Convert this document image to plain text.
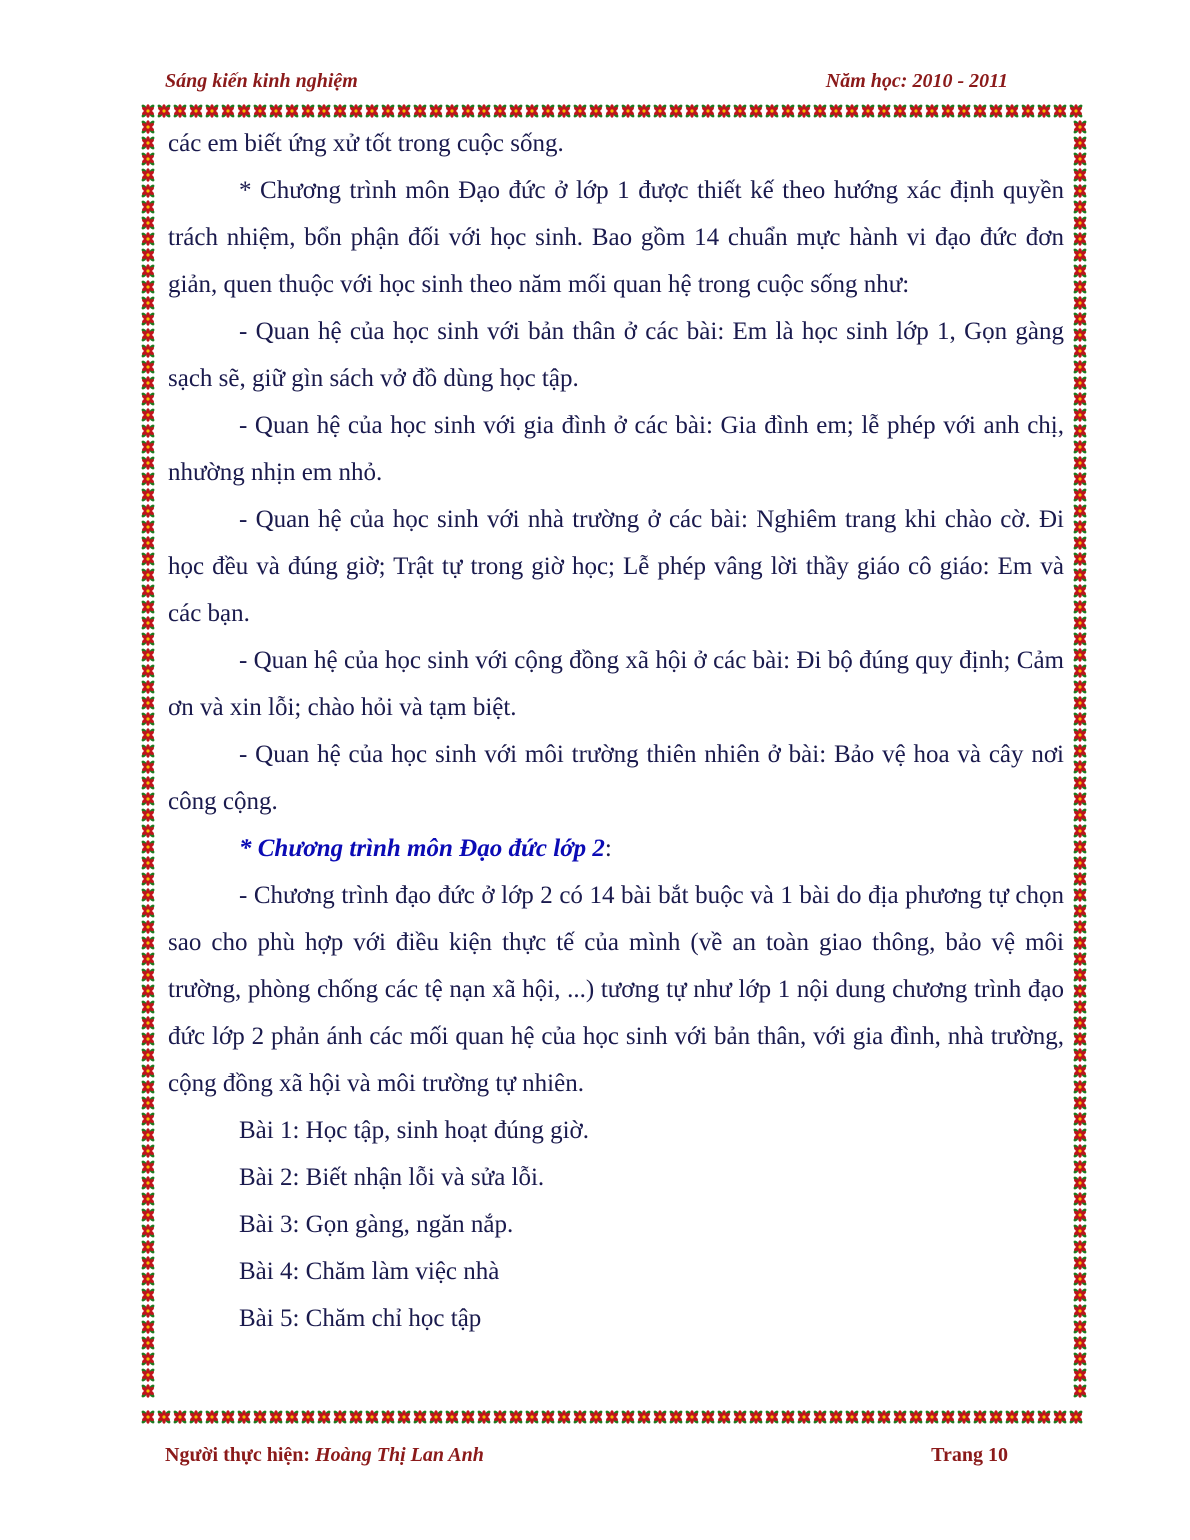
Sáng kiến kinh nghiệm	Năm học: 2010 - 2011

các em biết ứng xử tốt trong cuộc sống.

* Chương trình môn Đạo đức ở lớp 1 được thiết kế theo hướng xác định quyền trách nhiệm, bổn phận đối với học sinh. Bao gồm 14 chuẩn mực hành vi đạo đức đơn giản, quen thuộc với học sinh theo năm mối quan hệ trong cuộc sống như:

- Quan hệ của học sinh với bản thân ở các bài: Em là học sinh lớp 1, Gọn gàng sạch sẽ, giữ gìn sách vở đồ dùng học tập.

- Quan hệ của học sinh với gia đình ở các bài: Gia đình em; lễ phép với anh chị, nhường nhịn em nhỏ.

- Quan hệ của học sinh với nhà trường ở các bài: Nghiêm trang khi chào cờ. Đi học đều và đúng giờ; Trật tự trong giờ học; Lễ phép vâng lời thầy giáo cô giáo: Em và các bạn.

- Quan hệ của học sinh với cộng đồng xã hội ở các bài: Đi bộ đúng quy định; Cảm ơn và xin lỗi; chào hỏi và tạm biệt.

- Quan hệ của học sinh với môi trường thiên nhiên ở bài: Bảo vệ hoa và cây nơi công cộng.

* Chương trình môn Đạo đức lớp 2:

- Chương trình đạo đức ở lớp 2 có 14 bài bắt buộc và 1 bài do địa phương tự chọn sao cho phù hợp với điều kiện thực tế của mình (về an toàn giao thông, bảo vệ môi trường, phòng chống các tệ nạn xã hội, ...) tương tự như lớp 1 nội dung chương trình đạo đức lớp 2 phản ánh các mối quan hệ của học sinh với bản thân, với gia đình, nhà trường, cộng đồng xã hội và môi trường tự nhiên.

Bài 1: Học tập, sinh hoạt đúng giờ.

Bài 2: Biết nhận lỗi và sửa lỗi.

Bài 3: Gọn gàng, ngăn nắp.

Bài 4: Chăm làm việc nhà

Bài 5: Chăm chỉ học tập

Người thực hiện: Hoàng Thị Lan Anh	Trang 10
